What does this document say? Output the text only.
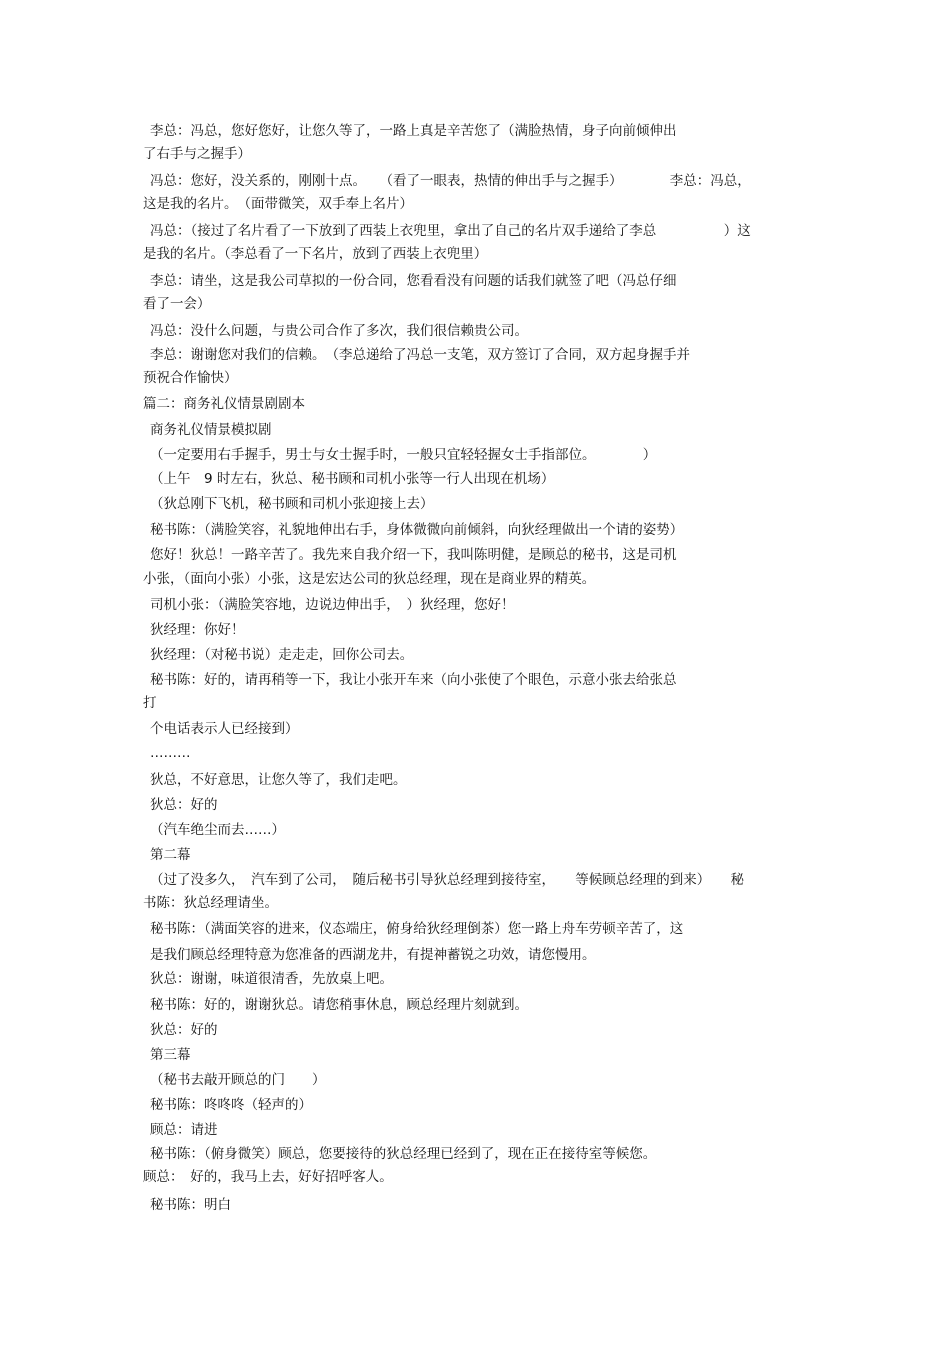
李总：冯总，您好您好，让您久等了，一路上真是辛苦您了（满脸热情，身子向前倾伸出
了右手与之握手）
冯总：您好，没关系的，刚刚十点。　　（看了一眼表，热情的伸出手与之握手）　　　　李总：冯总，
这是我的名片。　（面带微笑，双手奉上名片）
冯总：（接过了名片看了一下放到了西装上衣兜里，拿出了自己的名片双手递给了李总　　　　　）这
是我的名片。（李总看了一下名片，放到了西装上衣兜里）
李总：请坐，这是我公司草拟的一份合同，您看看没有问题的话我们就签了吧（冯总仔细
看了一会）
冯总：没什么问题，与贵公司合作了多次，我们很信赖贵公司。
李总：谢谢您对我们的信赖。　（李总递给了冯总一支笔，双方签订了合同，双方起身握手并
预祝合作愉快）
篇二：商务礼仪情景剧剧本
商务礼仪情景模拟剧
（一定要用右手握手，男士与女士握手时，一般只宜轻轻握女士手指部位。　　　　）
（上午　9 时左右，狄总、秘书顾和司机小张等一行人出现在机场）
（狄总刚下飞机，秘书顾和司机小张迎接上去）
秘书陈：（满脸笑容，礼貌地伸出右手，身体微微向前倾斜，向狄经理做出一个请的姿势）
您好！狄总！一路辛苦了。我先来自我介绍一下，我叫陈明健，是顾总的秘书，这是司机
小张，（面向小张）小张，这是宏达公司的狄总经理，现在是商业界的精英。
司机小张：（满脸笑容地，边说边伸出手，　）狄经理，您好！
狄经理：你好！
狄经理：（对秘书说）走走走，回你公司去。
秘书陈：好的，请再稍等一下，我让小张开车来（向小张使了个眼色，示意小张去给张总
打
个电话表示人已经接到）
………
狄总，不好意思，让您久等了，我们走吧。
狄总：好的
（汽车绝尘而去……）
第二幕
（过了没多久，　汽车到了公司，　随后秘书引导狄总经理到接待室，　　等候顾总经理的到来）　　秘
书陈：狄总经理请坐。
秘书陈：（满面笑容的进来，仪态端庄，俯身给狄经理倒茶）您一路上舟车劳顿辛苦了，这
是我们顾总经理特意为您准备的西湖龙井，有提神蓄锐之功效，请您慢用。
狄总：谢谢，味道很清香，先放桌上吧。
秘书陈：好的，谢谢狄总。请您稍事休息，顾总经理片刻就到。
狄总：好的
第三幕
（秘书去敲开顾总的门　　）
秘书陈：咚咚咚（轻声的）
顾总：请进
秘书陈：（俯身微笑）顾总，您要接待的狄总经理已经到了，现在正在接待室等候您。
顾总：　好的，我马上去，好好招呼客人。
秘书陈：明白
